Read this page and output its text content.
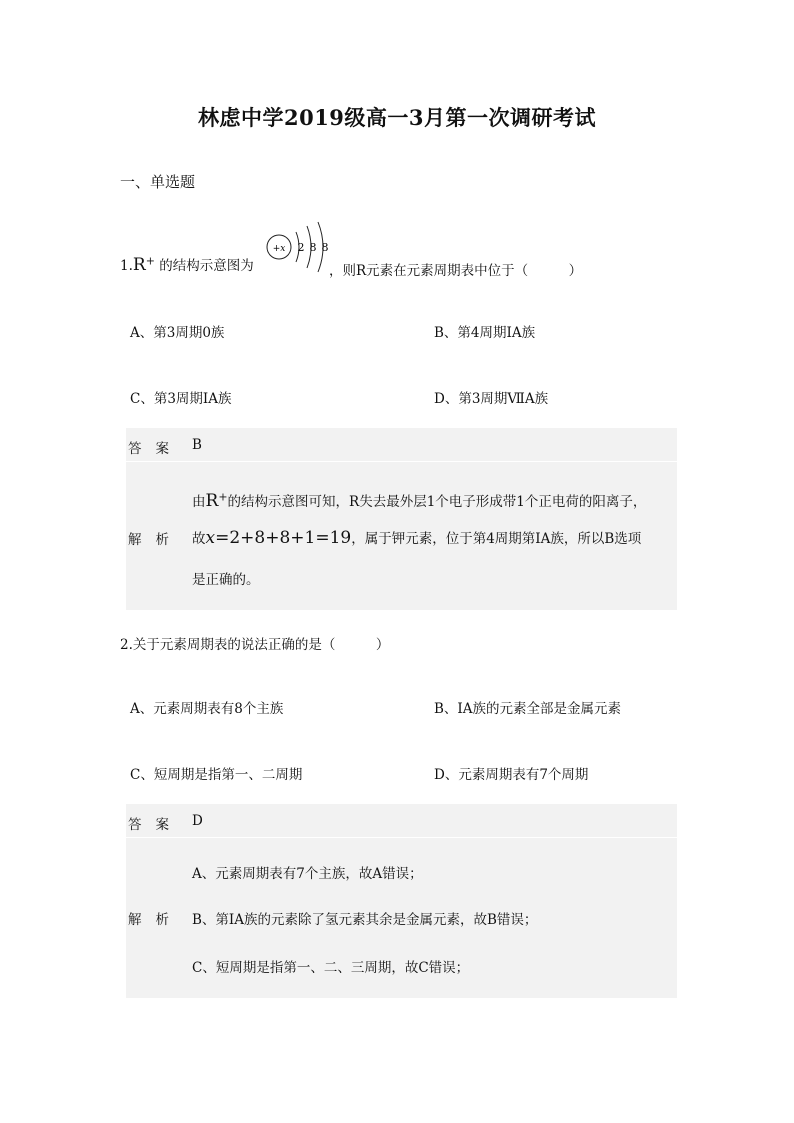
林虑中学2019级高一3月第一次调研考试
一、单选题
1.R+ 的结构示意图为
+x 2 8 8
，则R元素在元素周期表中位于（　　　）
A、第3周期0族	B、第4周期ⅠA族
C、第3周期ⅠA族	D、第3周期ⅦA族
答案 B
解析
由R+的结构示意图可知，R失去最外层1个电子形成带1个正电荷的阳离子，
故x=2+8+8+1=19，属于钾元素，位于第4周期第ⅠA族，所以B选项
是正确的。
2.关于元素周期表的说法正确的是（　　　）
A、元素周期表有8个主族	B、ⅠA族的元素全部是金属元素
C、短周期是指第一、二周期	D、元素周期表有7个周期
答案 D
解析
A、元素周期表有7个主族，故A错误；
B、第ⅠA族的元素除了氢元素其余是金属元素，故B错误；
C、短周期是指第一、二、三周期，故C错误；
